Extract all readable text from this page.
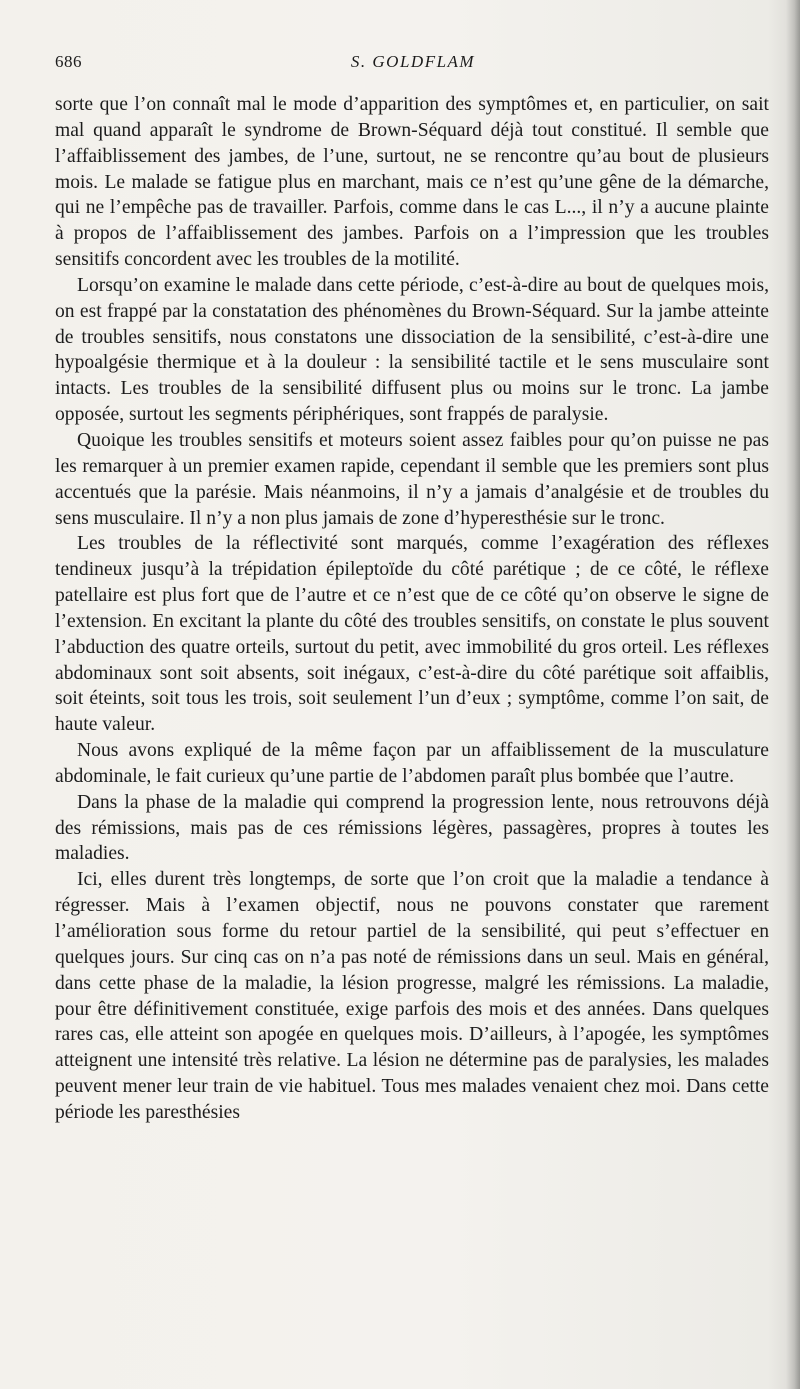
686	S. GOLDFLAM

sorte que l’on connaît mal le mode d’apparition des symptômes et, en particulier, on sait mal quand apparaît le syndrome de Brown-Séquard déjà tout constitué. Il semble que l’affaiblissement des jambes, de l’une, surtout, ne se rencontre qu’au bout de plusieurs mois. Le malade se fatigue plus en marchant, mais ce n’est qu’une gêne de la démarche, qui ne l’empêche pas de travailler. Parfois, comme dans le cas L..., il n’y a aucune plainte à propos de l’affaiblissement des jambes. Parfois on a l’impression que les troubles sensitifs concordent avec les troubles de la motilité.

Lorsqu’on examine le malade dans cette période, c’est-à-dire au bout de quelques mois, on est frappé par la constatation des phénomènes du Brown-Séquard. Sur la jambe atteinte de troubles sensitifs, nous constatons une dissociation de la sensibilité, c’est-à-dire une hypoalgésie thermique et à la douleur : la sensibilité tactile et le sens musculaire sont intacts. Les troubles de la sensibilité diffusent plus ou moins sur le tronc. La jambe opposée, surtout les segments périphériques, sont frappés de paralysie.

Quoique les troubles sensitifs et moteurs soient assez faibles pour qu’on puisse ne pas les remarquer à un premier examen rapide, cependant il semble que les premiers sont plus accentués que la parésie. Mais néanmoins, il n’y a jamais d’analgésie et de troubles du sens musculaire. Il n’y a non plus jamais de zone d’hyperesthésie sur le tronc.

Les troubles de la réflectivité sont marqués, comme l’exagération des réflexes tendineux jusqu’à la trépidation épileptoïde du côté parétique ; de ce côté, le réflexe patellaire est plus fort que de l’autre et ce n’est que de ce côté qu’on observe le signe de l’extension. En excitant la plante du côté des troubles sensitifs, on constate le plus souvent l’abduction des quatre orteils, surtout du petit, avec immobilité du gros orteil. Les réflexes abdominaux sont soit absents, soit inégaux, c’est-à-dire du côté parétique soit affaiblis, soit éteints, soit tous les trois, soit seulement l’un d’eux ; symptôme, comme l’on sait, de haute valeur.

Nous avons expliqué de la même façon par un affaiblissement de la musculature abdominale, le fait curieux qu’une partie de l’abdomen paraît plus bombée que l’autre.

Dans la phase de la maladie qui comprend la progression lente, nous retrouvons déjà des rémissions, mais pas de ces rémissions légères, passagères, propres à toutes les maladies.

Ici, elles durent très longtemps, de sorte que l’on croit que la maladie a tendance à régresser. Mais à l’examen objectif, nous ne pouvons constater que rarement l’amélioration sous forme du retour partiel de la sensibilité, qui peut s’effectuer en quelques jours. Sur cinq cas on n’a pas noté de rémissions dans un seul. Mais en général, dans cette phase de la maladie, la lésion progresse, malgré les rémissions. La maladie, pour être définitivement constituée, exige parfois des mois et des années. Dans quelques rares cas, elle atteint son apogée en quelques mois. D’ailleurs, à l’apogée, les symptômes atteignent une intensité très relative. La lésion ne détermine pas de paralysies, les malades peuvent mener leur train de vie habituel. Tous mes malades venaient chez moi. Dans cette période les paresthésies
